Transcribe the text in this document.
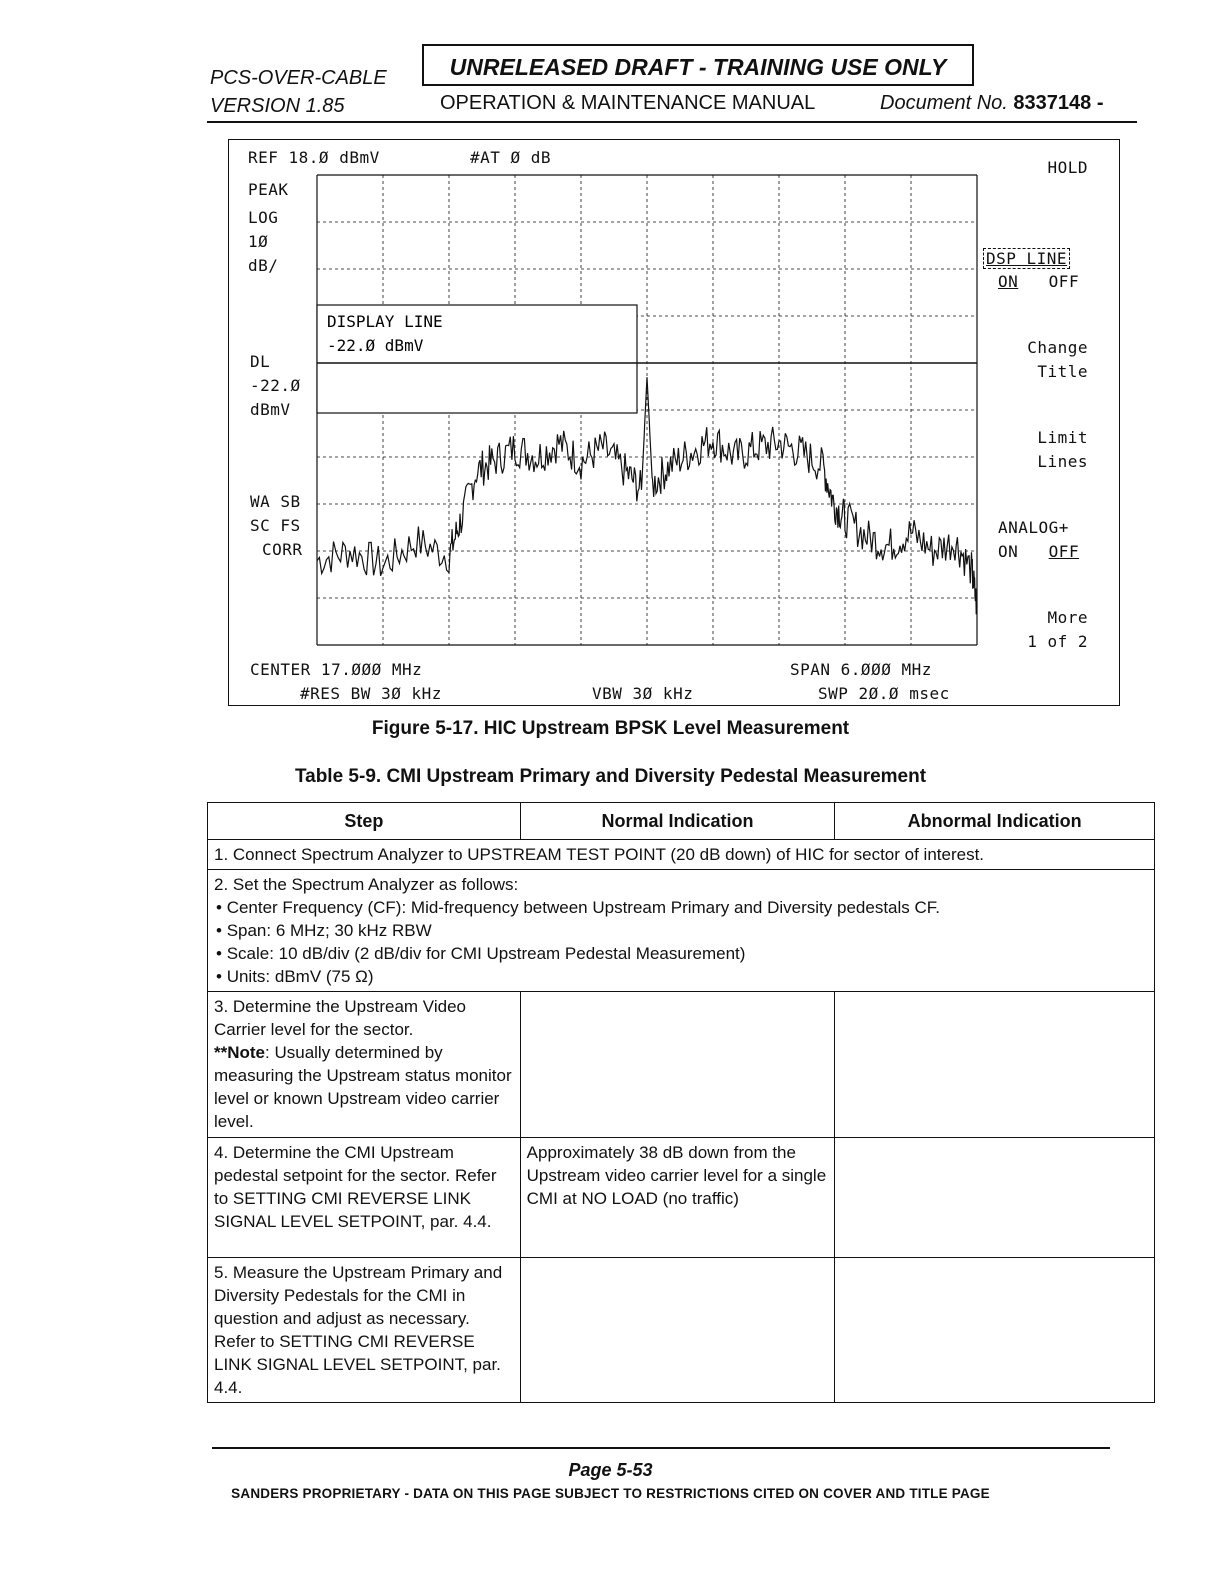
PCS-OVER-CABLE
VERSION 1.85
UNRELEASED DRAFT - TRAINING USE ONLY
OPERATION & MAINTENANCE MANUAL	Document No. 8337148 -
REF 18.Ø dBmV	#AT Ø dB
PEAK
LOG
1Ø
dB/
DL
-22.Ø
dBmV
WA SB
SC FS
CORR
DISPLAY LINE
-22.Ø dBmV
HOLD
DSP LINE
ON OFF
Change
Title
Limit
Lines
ANALOG+
ON OFF
More
1 of 2
CENTER 17.ØØØ MHz	SPAN 6.ØØØ MHz
#RES BW 3Ø kHz	VBW 3Ø kHz	SWP 2Ø.Ø msec
Figure 5-17. HIC Upstream BPSK Level Measurement
Table 5-9. CMI Upstream Primary and Diversity Pedestal Measurement
Step	Normal Indication	Abnormal Indication
1. Connect Spectrum Analyzer to UPSTREAM TEST POINT (20 dB down) of HIC for sector of interest.		

2. Set the Spectrum Analyzer as follows:
• Center Frequency (CF): Mid-frequency between Upstream Primary and Diversity pedestals CF.
• Span: 6 MHz; 30 kHz RBW
• Scale: 10 dB/div (2 dB/div for CMI Upstream Pedestal Measurement)
• Units: dBmV (75 Ω)		

3. Determine the Upstream Video Carrier level for the sector.
**Note: Usually determined by measuring the Upstream status monitor level or known Upstream video carrier level.		

4. Determine the CMI Upstream pedestal setpoint for the sector. Refer to SETTING CMI REVERSE LINK SIGNAL LEVEL SETPOINT, par. 4.4.	Approximately 38 dB down from the Upstream video carrier level for a single CMI at NO LOAD (no traffic)	
5. Measure the Upstream Primary and Diversity Pedestals for the CMI in question and adjust as necessary. Refer to SETTING CMI REVERSE LINK SIGNAL LEVEL SETPOINT, par. 4.4.		
Page 5-53
SANDERS PROPRIETARY - DATA ON THIS PAGE SUBJECT TO RESTRICTIONS CITED ON COVER AND TITLE PAGE
